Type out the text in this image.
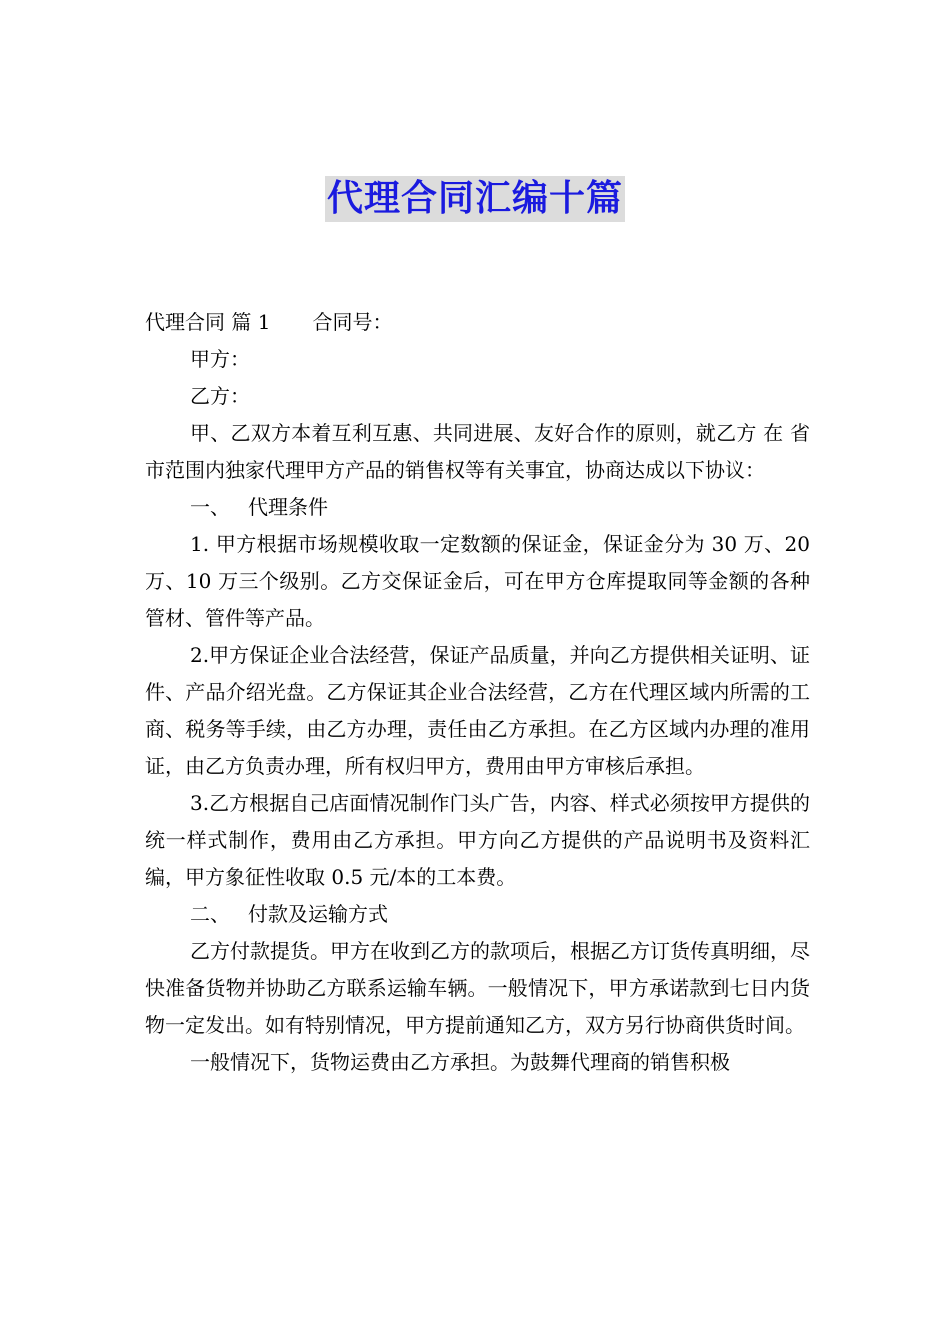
代理合同汇编十篇

代理合同 篇 1 合同号：

甲方：

乙方：

甲、乙双方本着互利互惠、共同进展、友好合作的原则，就乙方 在 省 市范围内独家代理甲方产品的销售权等有关事宜，协商达成以下协议：

一、 代理条件

1. 甲方根据市场规模收取一定数额的保证金，保证金分为 30 万、20 万、10 万三个级别。乙方交保证金后，可在甲方仓库提取同等金额的各种管材、管件等产品。

2.甲方保证企业合法经营，保证产品质量，并向乙方提供相关证明、证件、产品介绍光盘。乙方保证其企业合法经营，乙方在代理区域内所需的工商、税务等手续，由乙方办理，责任由乙方承担。在乙方区域内办理的准用证，由乙方负责办理，所有权归甲方，费用由甲方审核后承担。

3.乙方根据自己店面情况制作门头广告，内容、样式必须按甲方提供的统一样式制作，费用由乙方承担。甲方向乙方提供的产品说明书及资料汇编，甲方象征性收取 0.5 元/本的工本费。

二、 付款及运输方式

乙方付款提货。甲方在收到乙方的款项后，根据乙方订货传真明细，尽快准备货物并协助乙方联系运输车辆。一般情况下，甲方承诺款到七日内货物一定发出。如有特别情况，甲方提前通知乙方，双方另行协商供货时间。

一般情况下，货物运费由乙方承担。为鼓舞代理商的销售积极
